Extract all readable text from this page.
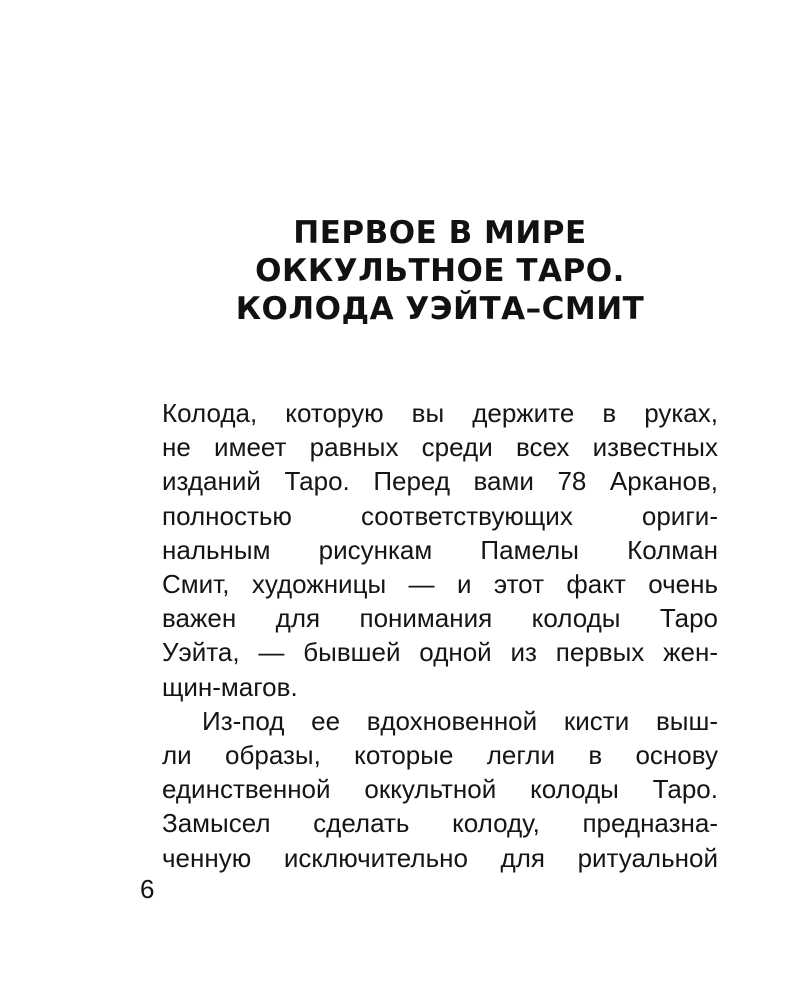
ПЕРВОЕ В МИРЕ
ОККУЛЬТНОЕ ТАРО.
КОЛОДА УЭЙТА–СМИТ

Колода, которую вы держите в руках,
не имеет равных среди всех известных
изданий Таро. Перед вами 78 Арканов,
полностью соответствующих ориги-
нальным рисункам Памелы Колман
Смит, художницы — и этот факт очень
важен для понимания колоды Таро
Уэйта, — бывшей одной из первых жен-
щин-магов.

Из-под ее вдохновенной кисти выш-
ли образы, которые легли в основу
единственной оккультной колоды Таро.
Замысел сделать колоду, предназна-
ченную исключительно для ритуальной

6
